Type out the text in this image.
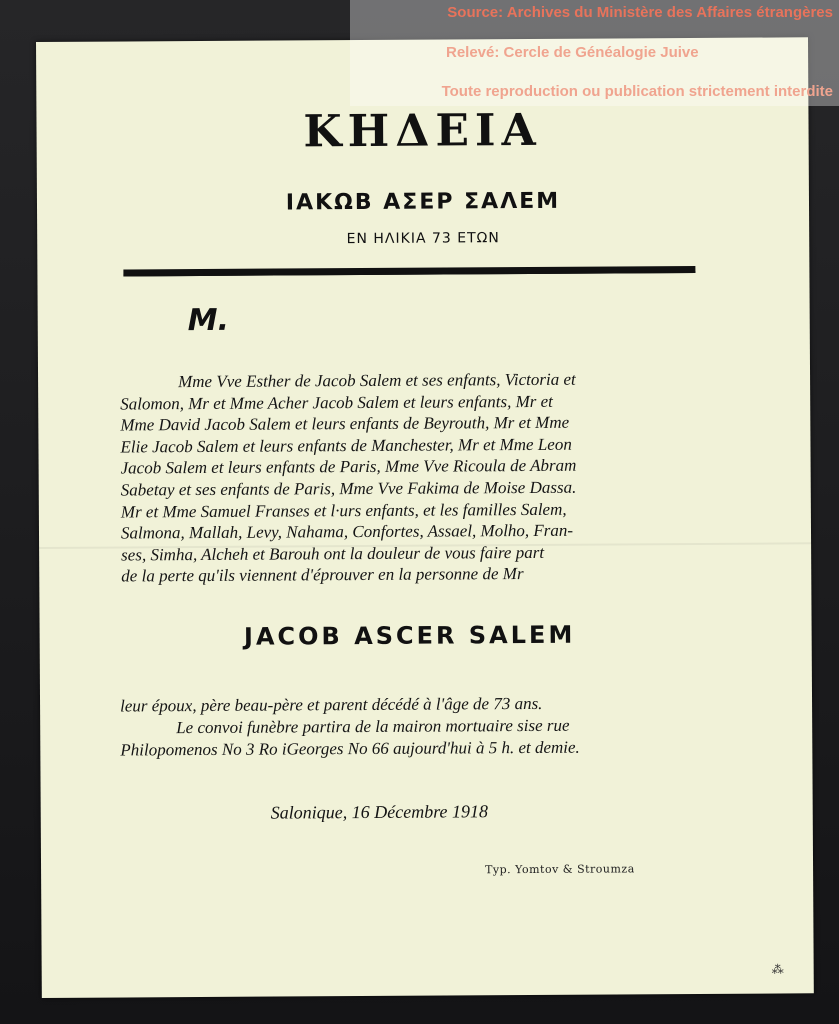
ΚΗΔΕΙΑ
ΙΑΚΩΒ ΑΣΕΡ ΣΑΛΕΜ
ΕΝ ΗΛΙΚΙΑ 73 ΕΤΩΝ
M.
Mme Vve Esther de Jacob Salem et ses enfants, Victoria et
Salomon, Mr et Mme Acher Jacob Salem et leurs enfants, Mr et
Mme David Jacob Salem et leurs enfants de Beyrouth, Mr et Mme
Elie Jacob Salem et leurs enfants de Manchester, Mr et Mme Leon
Jacob Salem et leurs enfants de Paris, Mme Vve Ricoula de Abram
Sabetay et ses enfants de Paris, Mme Vve Fakima de Moise Dassa.
Mr et Mme Samuel Franses et l·urs enfants, et les familles Salem,
Salmona, Mallah, Levy, Nahama, Confortes, Assael, Molho, Fran-
ses, Simha, Alcheh et Barouh ont la douleur de vous faire part
de la perte qu'ils viennent d'éprouver en la personne de Mr
JACOB ASCER SALEM
leur époux, père beau-père et parent décédé à l'âge de 73 ans.
Le convoi funèbre partira de la mairon mortuaire sise rue
Philopomenos No 3 Ro iGeorges No 66 aujourd'hui à 5 h. et demie.
Salonique, 16 Décembre 1918
Typ. Yomtov & Stroumza
⁂
Source: Archives du Ministère des Affaires étrangères
Relevé: Cercle de Généalogie Juive
Toute reproduction ou publication strictement interdite
